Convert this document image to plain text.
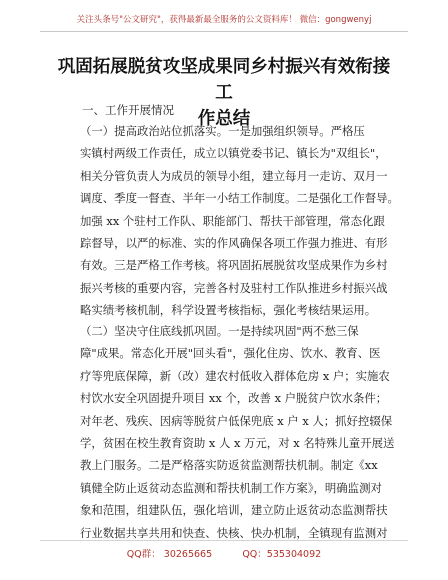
关注头条号"公文研究"，获得最新最全服务的公文资料库！ 微信：gongwenyj
巩固拓展脱贫攻坚成果同乡村振兴有效衔接工
作总结
一、工作开展情况
（一）提高政治站位抓落实。一是加强组织领导。严格压
实镇村两级工作责任，成立以镇党委书记、镇长为"双组长"，
相关分管负责人为成员的领导小组，建立每月一走访、双月一
调度、季度一督查、半年一小结工作制度。二是强化工作督导。
加强 xx 个驻村工作队、职能部门、帮扶干部管理，常态化跟
踪督导，以严的标准、实的作风确保各项工作强力推进、有形
有效。三是严格工作考核。将巩固拓展脱贫攻坚成果作为乡村
振兴考核的重要内容，完善各村及驻村工作队推进乡村振兴战
略实绩考核机制，科学设置考核指标，强化考核结果运用。
（二）坚决守住底线抓巩固。一是持续巩固"两不愁三保
障"成果。常态化开展"回头看"，强化住房、饮水、教育、医
疗等兜底保障，新（改）建农村低收入群体危房 x 户；实施农
村饮水安全巩固提升项目 xx 个，改善 x 户脱贫户饮水条件；
对年老、残疾、因病等脱贫户低保兜底 x 户 x 人；抓好控辍保
学，贫困在校生教育资助 x 人 x 万元，对 x 名特殊儿童开展送
教上门服务。二是严格落实防返贫监测帮扶机制。制定《xx
镇健全防止返贫动态监测和帮扶机制工作方案》，明确监测对
象和范围，组建队伍，强化培训，建立防止返贫动态监测帮扶
行业数据共享共用和快查、快核、快办机制，全镇现有监测对
QQ群： 30265665          QQ：535304092
